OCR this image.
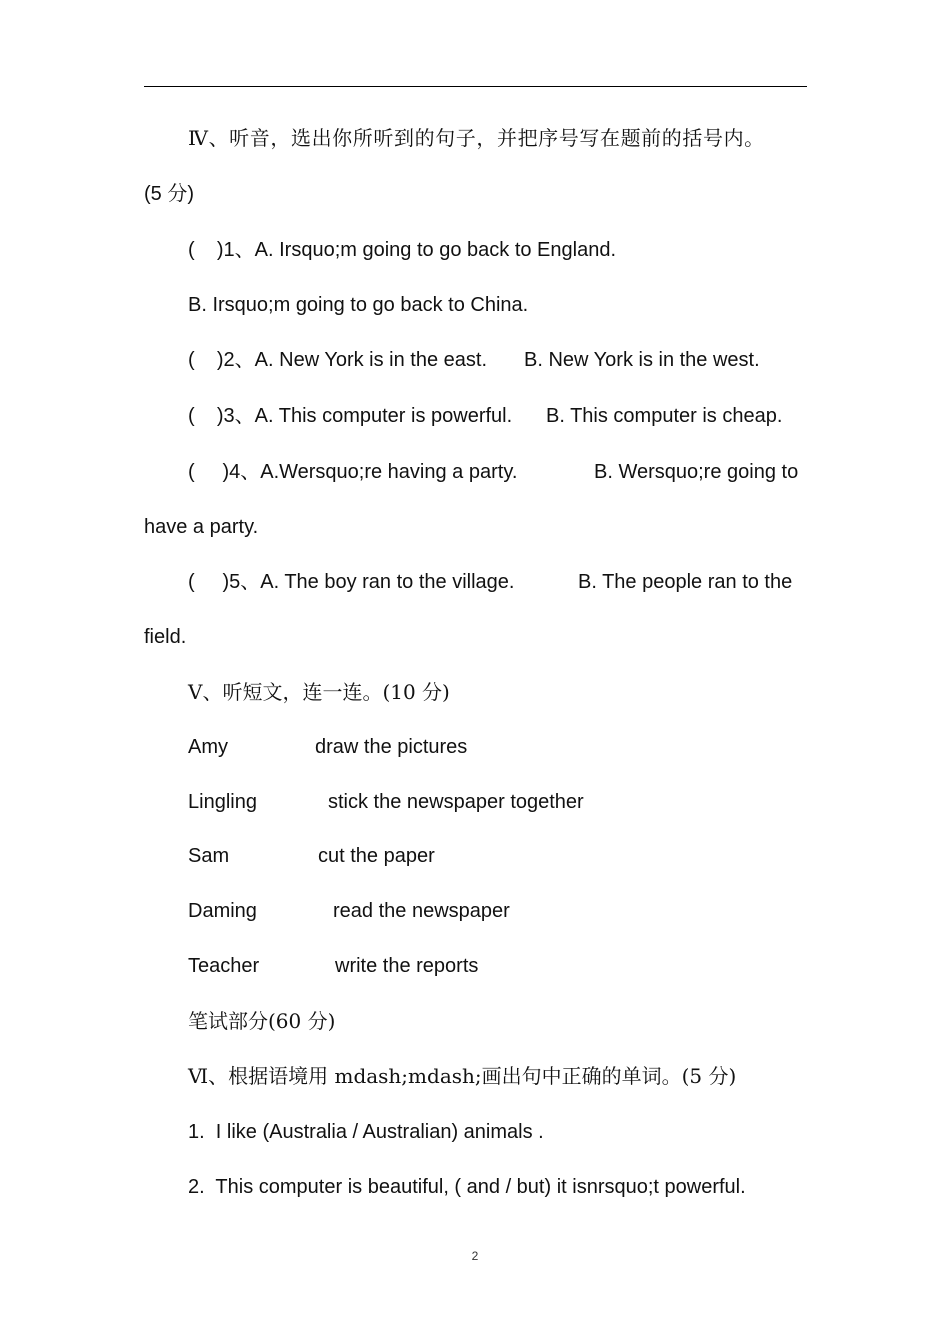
Ⅳ、听音，选出你所听到的句子，并把序号写在题前的括号内。
(5 分)
(    )1、A. Irsquo;m going to go back to England.
B. Irsquo;m going to go back to China.
(    )2、A. New York is in the east. B. New York is in the west.
(    )3、A. This computer is powerful. B. This computer is cheap.
(     )4、A.Wersquo;re having a party.	B. Wersquo;re going to
have a party.
(     )5、A. The boy ran to the village.	B. The people ran to the
field.
Ⅴ、听短文，连一连。(10 分)
Amy	draw the pictures
Lingling	stick the newspaper together
Sam	cut the paper
Daming	read the newspaper
Teacher	write the reports
笔试部分(60 分)
Ⅵ、根据语境用 mdash;mdash;画出句中正确的单词。(5 分)
1.  I like (Australia / Australian) animals .
2.  This computer is beautiful, ( and / but) it isnrsquo;t powerful.
2
